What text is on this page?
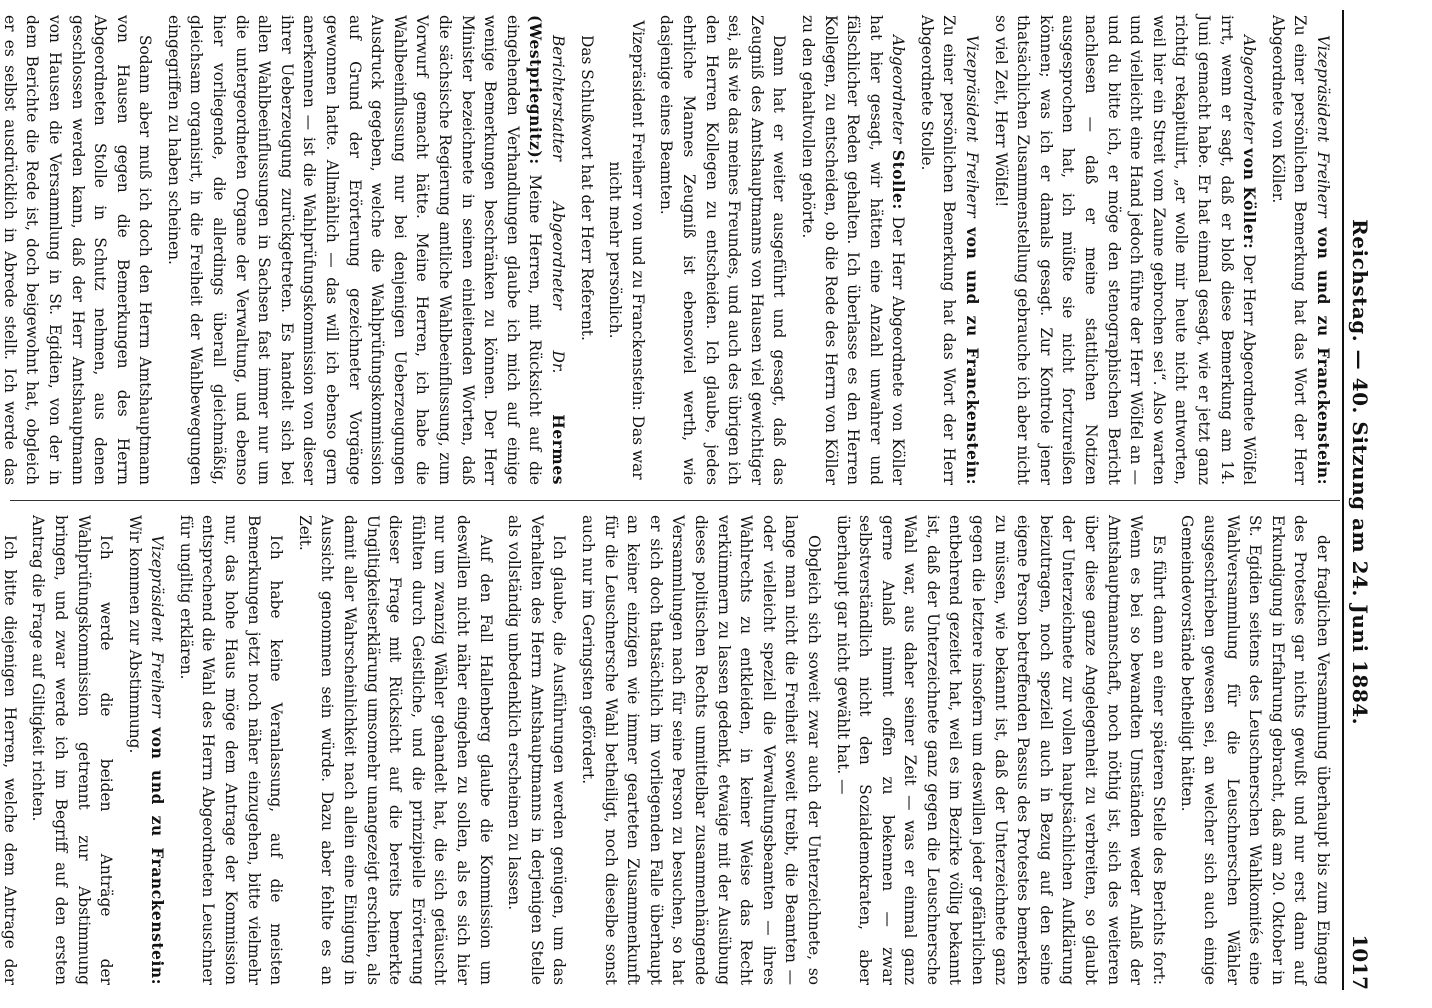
Reichstag. — 40. Sitzung am 24. Juni 1884.
1017

Vizepräsident Freiherr von und zu Franckenstein: Zu einer persönlichen Bemerkung hat das Wort der Herr Abgeordnete von Köller.

Abgeordneter von Köller: Der Herr Abgeordnete Wölfel irrt, wenn er sagt, daß er bloß diese Bemerkung am 14. Juni gemacht habe. Er hat einmal gesagt, wie er jetzt ganz richtig rekapitulirt, „er wolle mir heute nicht antworten, weil hier ein Streit vom Zaune gebrochen sei“. Also warten und vielleicht eine Hand jedoch führe der Herr Wölfel an — und du bitte ich, er möge den stenographischen Bericht nachlesen — daß er meine stattlichen Notizen ausgesprochen hat, ich müßte sie nicht fortzureißen können; was ich er damals gesagt. Zur Kontrole jener thatsächlichen Zusammenstellung gebrauche ich aber nicht so viel Zeit, Herr Wölfel!

Vizepräsident Freiherr von und zu Franckenstein: Zu einer persönlichen Bemerkung hat das Wort der Herr Abgeordnete Stolle.

Abgeordneter Stolle: Der Herr Abgeordnete von Köller hat hier gesagt, wir hätten eine Anzahl unwahrer und fälschlicher Reden gehalten. Ich überlasse es den Herren Kollegen, zu entscheiden, ob die Rede des Herrn von Köller zu den gehaltvollen gehörte.

Dann hat er weiter ausgeführt und gesagt, daß das Zeugniß des Amtshauptmanns von Hausen viel gewichtiger sei, als wie das meines Freundes, und auch des übrigen ich den Herren Kollegen zu entscheiden. Ich glaube, jedes ehrliche Mannes Zeugniß ist ebensoviel werth, wie dasjenige eines Beamten.

Vizepräsident Freiherr von und zu Franckenstein: Das war nicht mehr persönlich.

Das Schlußwort hat der Herr Referent.

Berichterstatter Abgeordneter Dr. Hermes (Westpriegnitz): Meine Herren, mit Rücksicht auf die eingehenden Verhandlungen glaube ich mich auf einige wenige Bemerkungen beschränken zu können. Der Herr Minister bezeichnete in seinen einleitenden Worten, daß die sächsische Regierung amtliche Wahlbeeinflussung, zum Vorwurf gemacht hätte. Meine Herren, ich habe die Wahlbeeinflussung nur bei denjenigen Ueberzeugungen Ausdruck gegeben, welche die Wahlprüfungskommission auf Grund der Erörterung gezeichneter Vorgänge gewonnen hatte. Allmählich — das will ich ebenso gern anerkennen — ist die Wahlprüfungskommission von dieser ihrer Ueberzeugung zurückgetreten. Es handelt sich bei allen Wahlbeeinflussungen in Sachsen fast immer nur um die untergeordneten Organe der Verwaltung, und ebenso hier vorliegende, die allerdings überall gleichmäßig, gleichsam organisirt, in die Freiheit der Wahlbewegungen eingegriffen zu haben scheinen.

Sodann aber muß ich doch den Herrn Amtshauptmann von Hausen gegen die Bemerkungen des Herrn Abgeordneten Stolle in Schutz nehmen, aus denen geschlossen werden kann, daß der Herr Amtshauptmann von Hausen die Versammlung in St. Egidien, von der in dem Berichte die Rede ist, doch beigewohnt hat, obgleich er es selbst ausdrücklich in Abrede stellt. Ich werde das

der fraglichen Versammlung überhaupt bis zum Eingang des Protestes gar nichts gewußt und nur erst dann auf Erkundigung in Erfahrung gebracht, daß am 20. Oktober in St. Egidien seitens des Leuschnerschen Wahlkomités eine Wahlversammlung für die Leuschnerschen Wähler ausgeschrieben gewesen sei, an welcher sich auch einige Gemeindevorstände betheiligt hätten.

Es führt dann an einer späteren Stelle des Berichts fort: Wenn es bei so bewandten Umständen weder Anlaß der Amtshauptmannschaft, noch nöthig ist, sich des weiteren über diese ganze Angelegenheit zu verbreiten, so glaubt der Unterzeichnete zur vollen hauptsächlichen Aufklärung beizutragen, noch speziell auch in Bezug auf den seine eigene Person betreffenden Passus des Protestes bemerken zu müssen, wie bekannt ist, daß der Unterzeichnete ganz gegen die letztere insofern um deswillen jeder gefährlichen entbehrend gezeitet hat, weil es im Bezirke völlig bekannt ist, daß der Unterzeichnete ganz gegen die Leuschnersche Wahl war, aus daher seiner Zeit — was er einmal ganz gerne Anlaß nimmt offen zu bekennen — zwar selbstverständlich nicht den Sozialdemokraten, aber überhaupt gar nicht gewählt hat. —

Obgleich sich soweit zwar auch der Unterzeichnete, so lange man nicht die Freiheit soweit treibt, die Beamten — oder vielleicht speziell die Verwaltungsbeamten — ihres Wahlrechts zu entkleiden, in keiner Weise das Recht verkümmern zu lassen gedenkt, etwaige mit der Ausübung dieses politischen Rechts unmittelbar zusammenhängende Versammlungen nach für seine Person zu besuchen, so hat er sich doch thatsächlich im vorliegenden Falle überhaupt an keiner einzigen wie immer gearteten Zusammenkunft für die Leuschnersche Wahl betheiligt, noch dieselbe sonst auch nur im Geringsten gefördert.

Ich glaube, die Ausführungen werden genügen, um das Verhalten des Herrn Amtshauptmanns in derjenigen Stelle als vollständig unbedenklich erscheinen zu lassen.

Auf den Fall Hallenberg glaube die Kommission um deswillen nicht näher eingehen zu sollen, als es sich hier nur um zwanzig Wähler gehandelt hat, die sich getäuscht fühlten durch Geistliche, und die prinzipielle Erörterung dieser Frage mit Rücksicht auf die bereits bemerkte Ungiltigkeitserklärung umsomehr unangezeigt erschien, als damit aller Wahrscheinlichkeit nach allein eine Einigung in Aussicht genommen sein würde. Dazu aber fehlte es an Zeit.

Ich habe keine Veranlassung, auf die meisten Bemerkungen jetzt noch näher einzugehen, bitte vielmehr nur, das hohe Haus möge dem Antrage der Kommission entsprechend die Wahl des Herrn Abgeordneten Leuschner für ungiltig erklären.

Vizepräsident Freiherr von und zu Franckenstein: Wir kommen zur Abstimmung.

Ich werde die beiden Anträge der Wahlprüfungskommission getrennt zur Abstimmung bringen, und zwar werde ich im Begriff auf den ersten Antrag die Frage auf Giltigkeit richten.

Ich bitte diejenigen Herren, welche dem Antrage der
